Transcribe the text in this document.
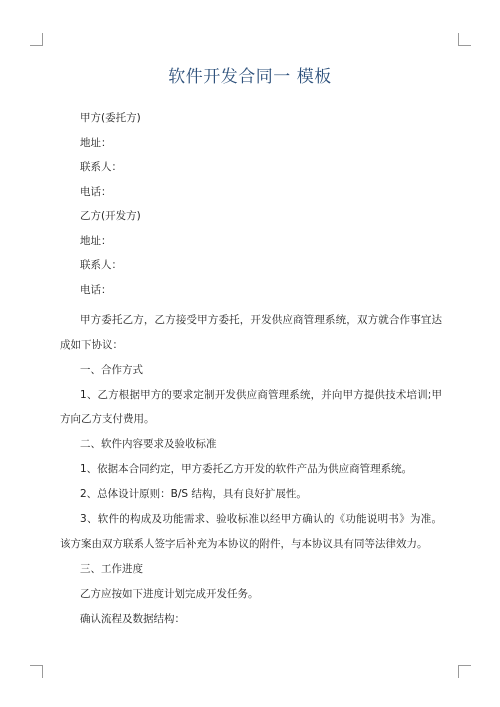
软件开发合同一 模板
甲方(委托方)
地址：
联系人：
电话：
乙方(开发方)
地址：
联系人：
电话：

甲方委托乙方，乙方接受甲方委托，开发供应商管理系统，双方就合作事宜达成如下协议：

一、合作方式

1、乙方根据甲方的要求定制开发供应商管理系统，并向甲方提供技术培训;甲方向乙方支付费用。

二、软件内容要求及验收标准

1、依据本合同约定，甲方委托乙方开发的软件产品为供应商管理系统。

2、总体设计原则：B/S 结构，具有良好扩展性。

3、软件的构成及功能需求、验收标准以经甲方确认的《功能说明书》为准。该方案由双方联系人签字后补充为本协议的附件，与本协议具有同等法律效力。

三、工作进度

乙方应按如下进度计划完成开发任务。

确认流程及数据结构：
